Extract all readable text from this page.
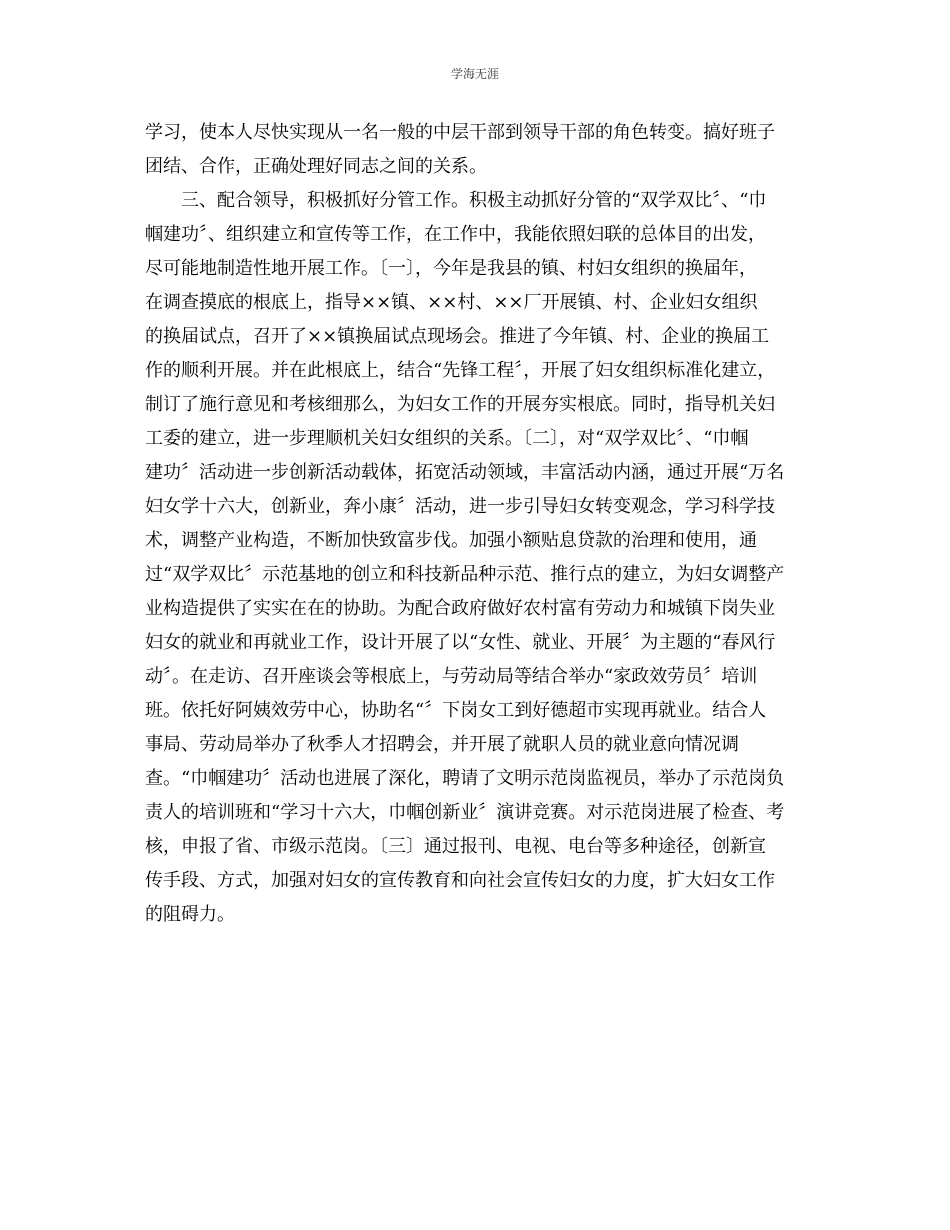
学海无涯
学习，使本人尽快实现从一名一般的中层干部到领导干部的角色转变。搞好班子
团结、合作，正确处理好同志之间的关系。
　　三、配合领导，积极抓好分管工作。积极主动抓好分管的“双学双比〞、“巾
帼建功〞、组织建立和宣传等工作，在工作中，我能依照妇联的总体目的出发，
尽可能地制造性地开展工作。〔一〕，今年是我县的镇、村妇女组织的换届年，
在调查摸底的根底上，指导××镇、××村、××厂开展镇、村、企业妇女组织
的换届试点，召开了××镇换届试点现场会。推进了今年镇、村、企业的换届工
作的顺利开展。并在此根底上，结合“先锋工程〞，开展了妇女组织标准化建立，
制订了施行意见和考核细那么，为妇女工作的开展夯实根底。同时，指导机关妇
工委的建立，进一步理顺机关妇女组织的关系。〔二〕，对“双学双比〞、“巾帼
建功〞活动进一步创新活动载体，拓宽活动领域，丰富活动内涵，通过开展“万名
妇女学十六大，创新业，奔小康〞活动，进一步引导妇女转变观念，学习科学技
术，调整产业构造，不断加快致富步伐。加强小额贴息贷款的治理和使用，通
过“双学双比〞示范基地的创立和科技新品种示范、推行点的建立，为妇女调整产
业构造提供了实实在在的协助。为配合政府做好农村富有劳动力和城镇下岗失业
妇女的就业和再就业工作，设计开展了以“女性、就业、开展〞为主题的“春风行
动〞。在走访、召开座谈会等根底上，与劳动局等结合举办“家政效劳员〞培训
班。依托好阿姨效劳中心，协助名“〞下岗女工到好德超市实现再就业。结合人
事局、劳动局举办了秋季人才招聘会，并开展了就职人员的就业意向情况调
查。“巾帼建功〞活动也进展了深化，聘请了文明示范岗监视员，举办了示范岗负
责人的培训班和“学习十六大，巾帼创新业〞演讲竞赛。对示范岗进展了检查、考
核，申报了省、市级示范岗。〔三〕通过报刊、电视、电台等多种途径，创新宣
传手段、方式，加强对妇女的宣传教育和向社会宣传妇女的力度，扩大妇女工作
的阻碍力。
